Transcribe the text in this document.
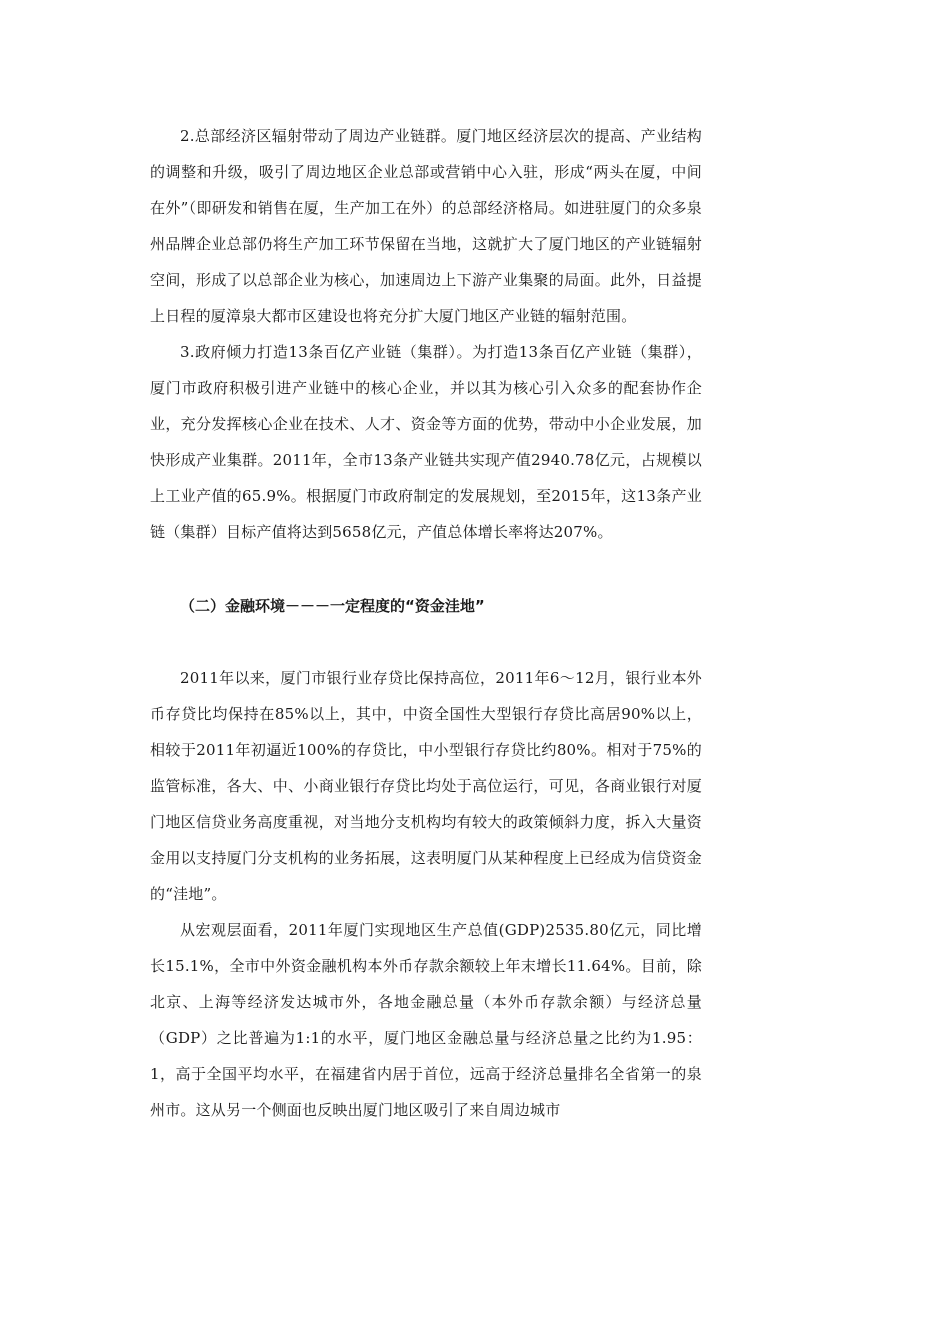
2.总部经济区辐射带动了周边产业链群。厦门地区经济层次的提高、产业结构的调整和升级，吸引了周边地区企业总部或营销中心入驻，形成“两头在厦，中间在外”（即研发和销售在厦，生产加工在外）的总部经济格局。如进驻厦门的众多泉州品牌企业总部仍将生产加工环节保留在当地，这就扩大了厦门地区的产业链辐射空间，形成了以总部企业为核心，加速周边上下游产业集聚的局面。此外，日益提上日程的厦漳泉大都市区建设也将充分扩大厦门地区产业链的辐射范围。

3.政府倾力打造13条百亿产业链（集群）。为打造13条百亿产业链（集群），厦门市政府积极引进产业链中的核心企业，并以其为核心引入众多的配套协作企业，充分发挥核心企业在技术、人才、资金等方面的优势，带动中小企业发展，加快形成产业集群。2011年，全市13条产业链共实现产值2940.78亿元，占规模以上工业产值的65.9%。根据厦门市政府制定的发展规划，至2015年，这13条产业链（集群）目标产值将达到5658亿元，产值总体增长率将达207%。

（二）金融环境－－－一定程度的“资金洼地”

2011年以来，厦门市银行业存贷比保持高位，2011年6～12月，银行业本外币存贷比均保持在85%以上，其中，中资全国性大型银行存贷比高居90%以上，相较于2011年初逼近100%的存贷比，中小型银行存贷比约80%。相对于75%的监管标准，各大、中、小商业银行存贷比均处于高位运行，可见，各商业银行对厦门地区信贷业务高度重视，对当地分支机构均有较大的政策倾斜力度，拆入大量资金用以支持厦门分支机构的业务拓展，这表明厦门从某种程度上已经成为信贷资金的“洼地”。

从宏观层面看，2011年厦门实现地区生产总值(GDP)2535.80亿元，同比增长15.1%，全市中外资金融机构本外币存款余额较上年末增长11.64%。目前，除北京、上海等经济发达城市外，各地金融总量（本外币存款余额）与经济总量（GDP）之比普遍为1:1的水平，厦门地区金融总量与经济总量之比约为1.95：1，高于全国平均水平，在福建省内居于首位，远高于经济总量排名全省第一的泉州市。这从另一个侧面也反映出厦门地区吸引了来自周边城市
